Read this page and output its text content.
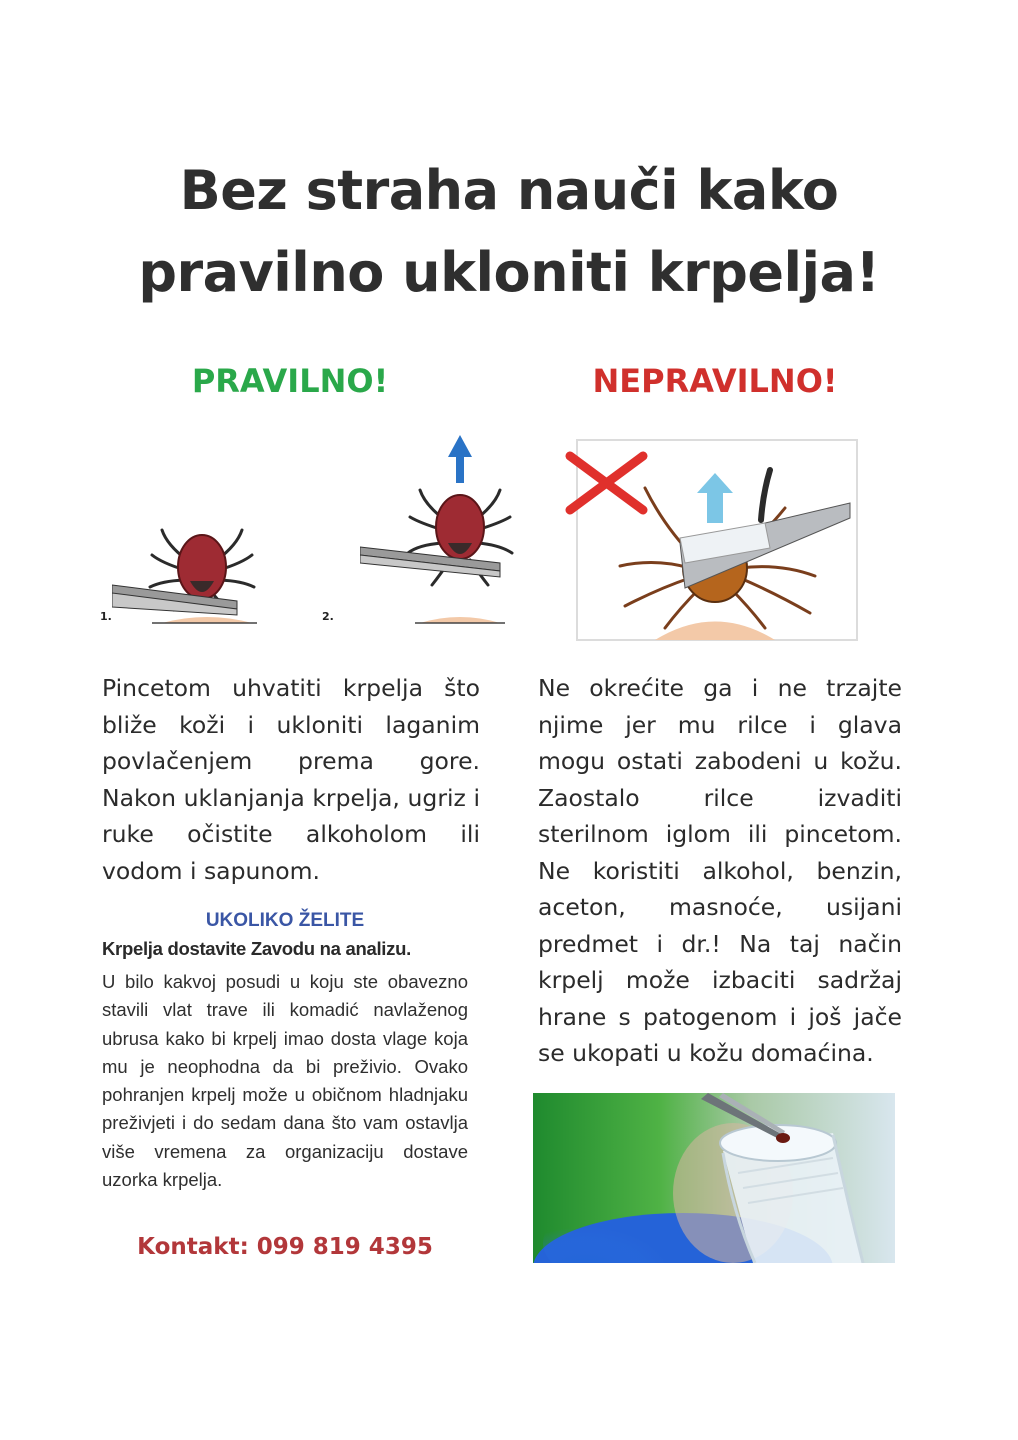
Bez straha nauči kako
pravilno ukloniti krpelja!
PRAVILNO!	NEPRAVILNO!
1.	2.
Pincetom uhvatiti krpelja što bliže koži i ukloniti laganim povlačenjem prema gore. Nakon uklanjanja krpelja, ugriz i ruke očistite alkoholom ili vodom i sapunom.
Ne okrećite ga i ne trzajte njime jer mu rilce i glava mogu ostati zabodeni u kožu. Zaostalo rilce izvaditi sterilnom iglom ili pincetom. Ne koristiti alkohol, benzin, aceton, masnoće, usijani predmet i dr.! Na taj način krpelj može izbaciti sadržaj hrane s patogenom i još jače se ukopati u kožu domaćina.
UKOLIKO ŽELITE
Krpelja dostavite Zavodu na analizu.
U bilo kakvoj posudi u koju ste obavezno stavili vlat trave ili komadić navlaženog ubrusa kako bi krpelj imao dosta vlage koja mu je neophodna da bi preživio. Ovako pohranjen krpelj može u običnom hladnjaku preživjeti i do sedam dana što vam ostavlja više vremena za organizaciju dostave uzorka krpelja.
Kontakt: 099 819 4395
